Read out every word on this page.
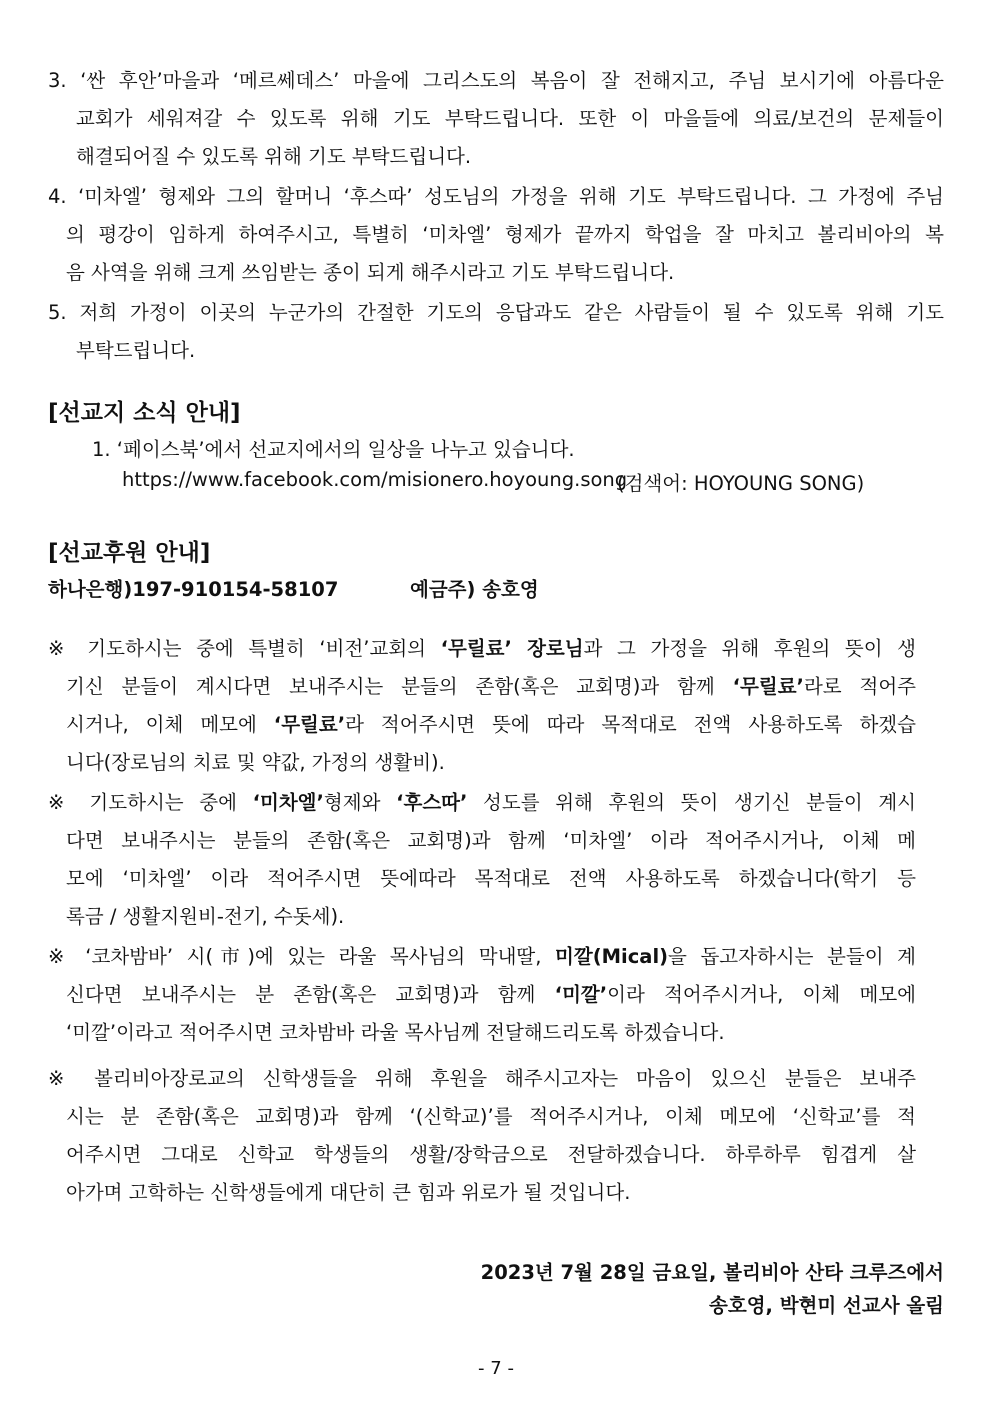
3. ‘싼 후안’마을과 ‘메르쎄데스’ 마을에 그리스도의 복음이 잘 전해지고, 주님 보시기에 아름다운
교회가 세워져갈 수 있도록 위해 기도 부탁드립니다. 또한 이 마을들에 의료/보건의 문제들이
해결되어질 수 있도록 위해 기도 부탁드립니다.
4. ‘미차엘’ 형제와 그의 할머니 ‘후스따’ 성도님의 가정을 위해 기도 부탁드립니다. 그 가정에 주님
의 평강이 임하게 하여주시고, 특별히 ‘미차엘’ 형제가 끝까지 학업을 잘 마치고 볼리비아의 복
음 사역을 위해 크게 쓰임받는 종이 되게 해주시라고 기도 부탁드립니다.
5. 저희 가정이 이곳의 누군가의 간절한 기도의 응답과도 같은 사람들이 될 수 있도록 위해 기도
부탁드립니다.
[선교지 소식 안내]
1. ‘페이스북’에서 선교지에서의 일상을 나누고 있습니다.
https://www.facebook.com/misionero.hoyoung.song
(검색어: HOYOUNG SONG)
[선교후원 안내]
하나은행)197-910154-58107	예금주) 송호영
※ 기도하시는 중에 특별히 ‘비전’교회의 ‘무릴료’ 장로님과 그 가정을 위해 후원의 뜻이 생
기신 분들이 계시다면 보내주시는 분들의 존함(혹은 교회명)과 함께 ‘무릴료’라로 적어주
시거나, 이체 메모에 ‘무릴료’라 적어주시면 뜻에 따라 목적대로 전액 사용하도록 하겠습
니다(장로님의 치료 및 약값, 가정의 생활비).
※ 기도하시는 중에 ‘미차엘’형제와 ‘후스따’ 성도를 위해 후원의 뜻이 생기신 분들이 계시
다면 보내주시는 분들의 존함(혹은 교회명)과 함께 ‘미차엘’ 이라 적어주시거나, 이체 메
모에 ‘미차엘’ 이라 적어주시면 뜻에따라 목적대로 전액 사용하도록 하겠습니다(학기 등
록금 / 생활지원비-전기, 수돗세).
※ ‘코차밤바’ 시(市)에 있는 라울 목사님의 막내딸, 미깔(Mical)을 돕고자하시는 분들이 계
신다면 보내주시는 분 존함(혹은 교회명)과 함께 ‘미깔’이라 적어주시거나, 이체 메모에
‘미깔’이라고 적어주시면 코차밤바 라울 목사님께 전달해드리도록 하겠습니다.
※ 볼리비아장로교의 신학생들을 위해 후원을 해주시고자는 마음이 있으신 분들은 보내주
시는 분 존함(혹은 교회명)과 함께 ‘(신학교)’를 적어주시거나, 이체 메모에 ‘신학교’를 적
어주시면 그대로 신학교 학생들의 생활/장학금으로 전달하겠습니다. 하루하루 힘겹게 살
아가며 고학하는 신학생들에게 대단히 큰 힘과 위로가 될 것입니다.
2023년 7월 28일 금요일, 볼리비아 산타 크루즈에서
송호영, 박현미 선교사 올림
- 7 -
